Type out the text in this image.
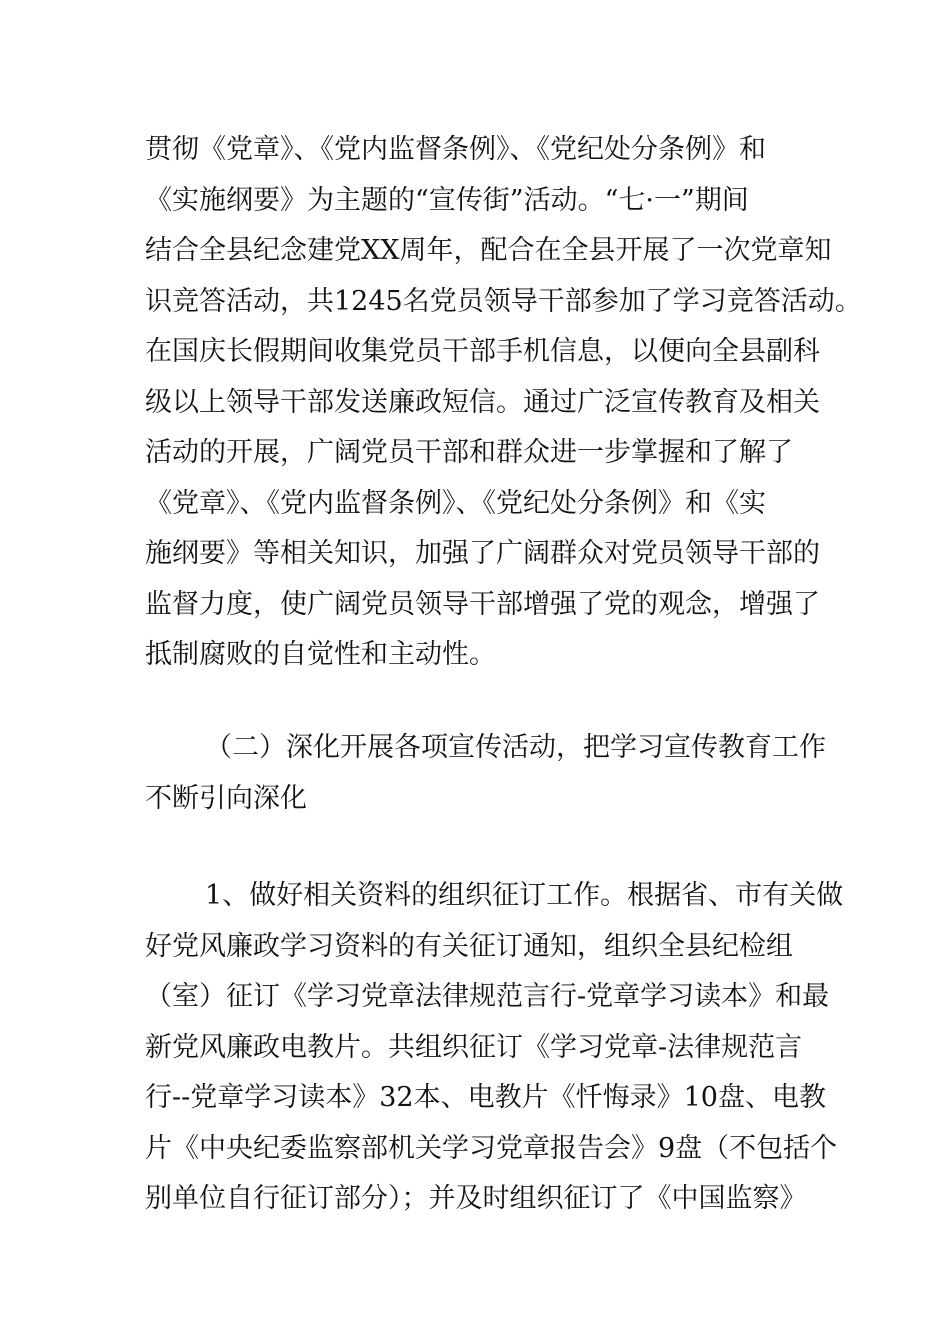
贯彻《党章》、《党内监督条例》、《党纪处分条例》和
《实施纲要》为主题的“宣传街”活动。“七·一”期间
结合全县纪念建党XX周年，配合在全县开展了一次党章知
识竞答活动，共1245名党员领导干部参加了学习竞答活动。
在国庆长假期间收集党员干部手机信息，以便向全县副科
级以上领导干部发送廉政短信。通过广泛宣传教育及相关
活动的开展，广阔党员干部和群众进一步掌握和了解了
《党章》、《党内监督条例》、《党纪处分条例》和《实
施纲要》等相关知识，加强了广阔群众对党员领导干部的
监督力度，使广阔党员领导干部增强了党的观念，增强了
抵制腐败的自觉性和主动性。
（二）深化开展各项宣传活动，把学习宣传教育工作
不断引向深化
1、做好相关资料的组织征订工作。根据省、市有关做
好党风廉政学习资料的有关征订通知，组织全县纪检组
（室）征订《学习党章法律规范言行-党章学习读本》和最
新党风廉政电教片。共组织征订《学习党章-法律规范言
行--党章学习读本》32本、电教片《忏悔录》10盘、电教
片《中央纪委监察部机关学习党章报告会》9盘（不包括个
别单位自行征订部分）；并及时组织征订了《中国监察》
